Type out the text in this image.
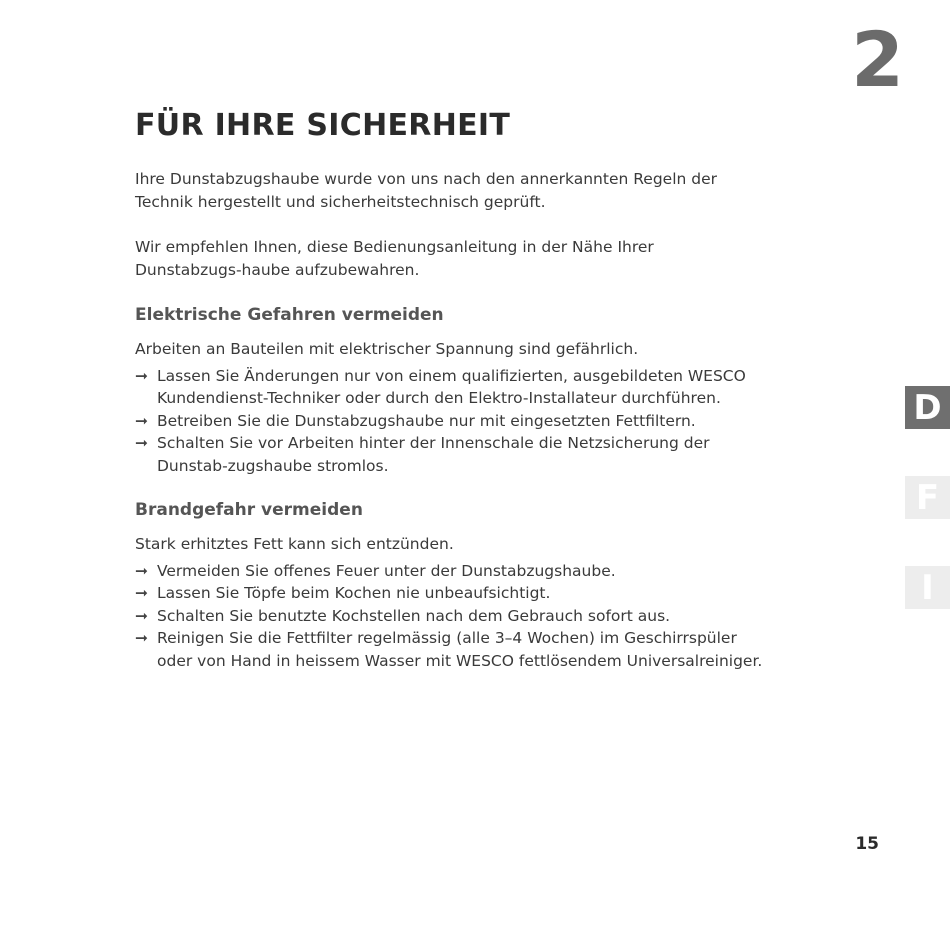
2
FÜR IHRE SICHERHEIT

Ihre Dunstabzugshaube wurde von uns nach den annerkannten Regeln der Technik hergestellt und sicherheitstechnisch geprüft.

Wir empfehlen Ihnen, diese Bedienungsanleitung in der Nähe Ihrer Dunstabzugs-haube aufzubewahren.

Elektrische Gefahren vermeiden

Arbeiten an Bauteilen mit elektrischer Spannung sind gefährlich.

➞ Lassen Sie Änderungen nur von einem qualifizierten, ausgebildeten WESCO Kundendienst-Techniker oder durch den Elektro-Installateur durchführen.
➞ Betreiben Sie die Dunstabzugshaube nur mit eingesetzten Fettfiltern.
➞ Schalten Sie vor Arbeiten hinter der Innenschale die Netzsicherung der Dunstab-zugshaube stromlos.
Brandgefahr vermeiden

Stark erhitztes Fett kann sich entzünden.

➞ Vermeiden Sie offenes Feuer unter der Dunstabzugshaube.
➞ Lassen Sie Töpfe beim Kochen nie unbeaufsichtigt.
➞ Schalten Sie benutzte Kochstellen nach dem Gebrauch sofort aus.
➞ Reinigen Sie die Fettfilter regelmässig (alle 3–4 Wochen) im Geschirrspüler oder von Hand in heissem Wasser mit WESCO fettlösendem Universalreiniger.
D
F
I
15
